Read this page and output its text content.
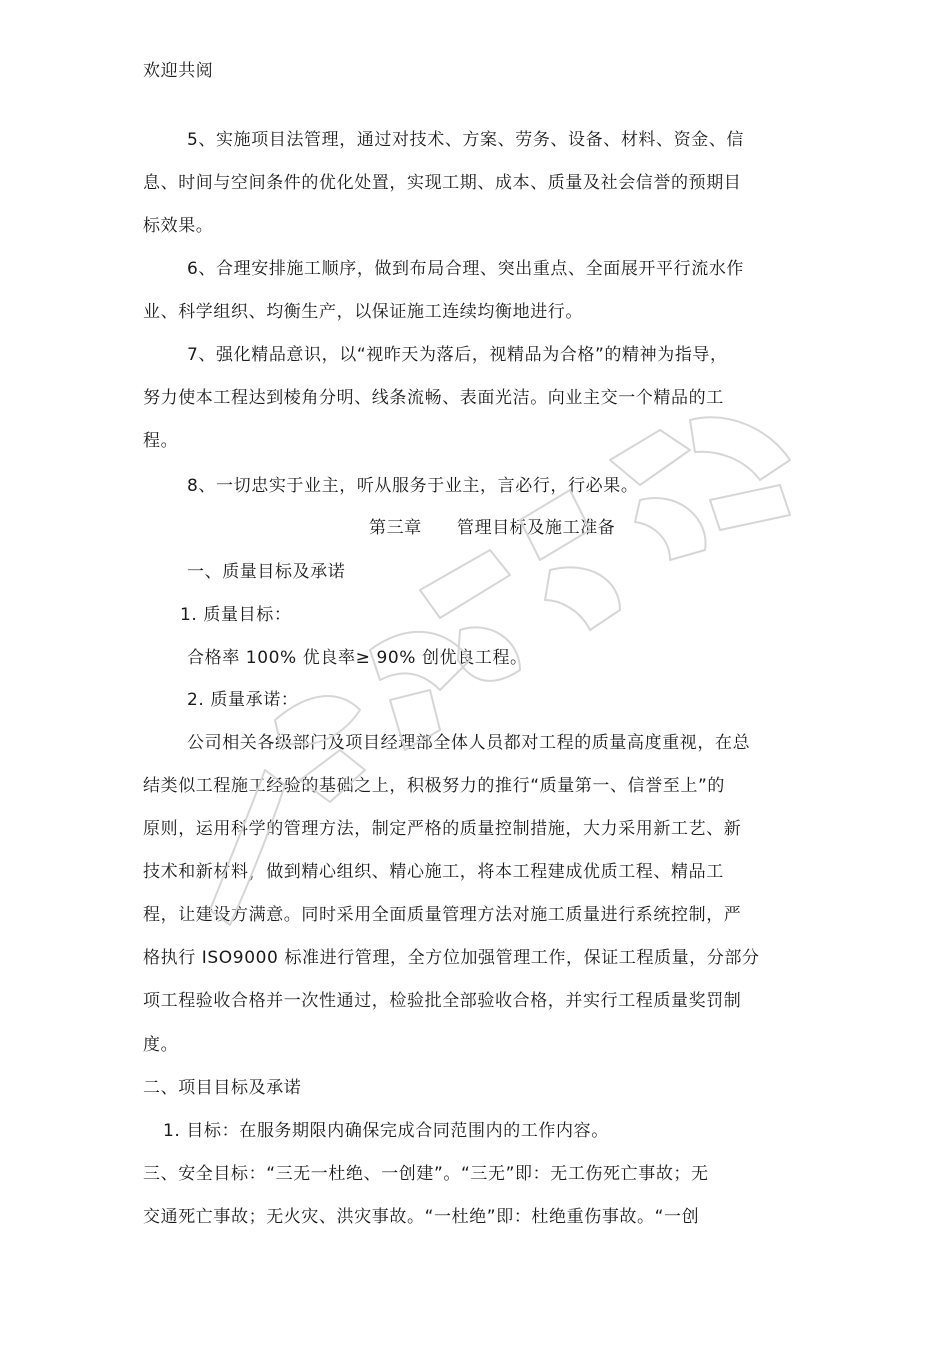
欢迎共阅
5、实施项目法管理，通过对技术、方案、劳务、设备、材料、资金、信
息、时间与空间条件的优化处置，实现工期、成本、质量及社会信誉的预期目
标效果。
6、合理安排施工顺序，做到布局合理、突出重点、全面展开平行流水作
业、科学组织、均衡生产，以保证施工连续均衡地进行。
7、强化精品意识，以“视昨天为落后，视精品为合格”的精神为指导，
努力使本工程达到棱角分明、线条流畅、表面光洁。向业主交一个精品的工
程。
8、一切忠实于业主，听从服务于业主，言必行，行必果。
第三章　　管理目标及施工准备
一、质量目标及承诺
1. 质量目标：
合格率 100% 优良率≥ 90% 创优良工程。
2. 质量承诺：
公司相关各级部门及项目经理部全体人员都对工程的质量高度重视，在总
结类似工程施工经验的基础之上，积极努力的推行“质量第一、信誉至上”的
原则，运用科学的管理方法，制定严格的质量控制措施，大力采用新工艺、新
技术和新材料，做到精心组织、精心施工，将本工程建成优质工程、精品工
程，让建设方满意。同时采用全面质量管理方法对施工质量进行系统控制，严
格执行 ISO9000 标准进行管理，全方位加强管理工作，保证工程质量，分部分
项工程验收合格并一次性通过，检验批全部验收合格，并实行工程质量奖罚制
度。
二、项目目标及承诺
1. 目标：在服务期限内确保完成合同范围内的工作内容。
三、安全目标：“三无一杜绝、一创建”。“三无”即：无工伤死亡事故；无
交通死亡事故；无火灾、洪灾事故。“一杜绝”即：杜绝重伤事故。“一创
